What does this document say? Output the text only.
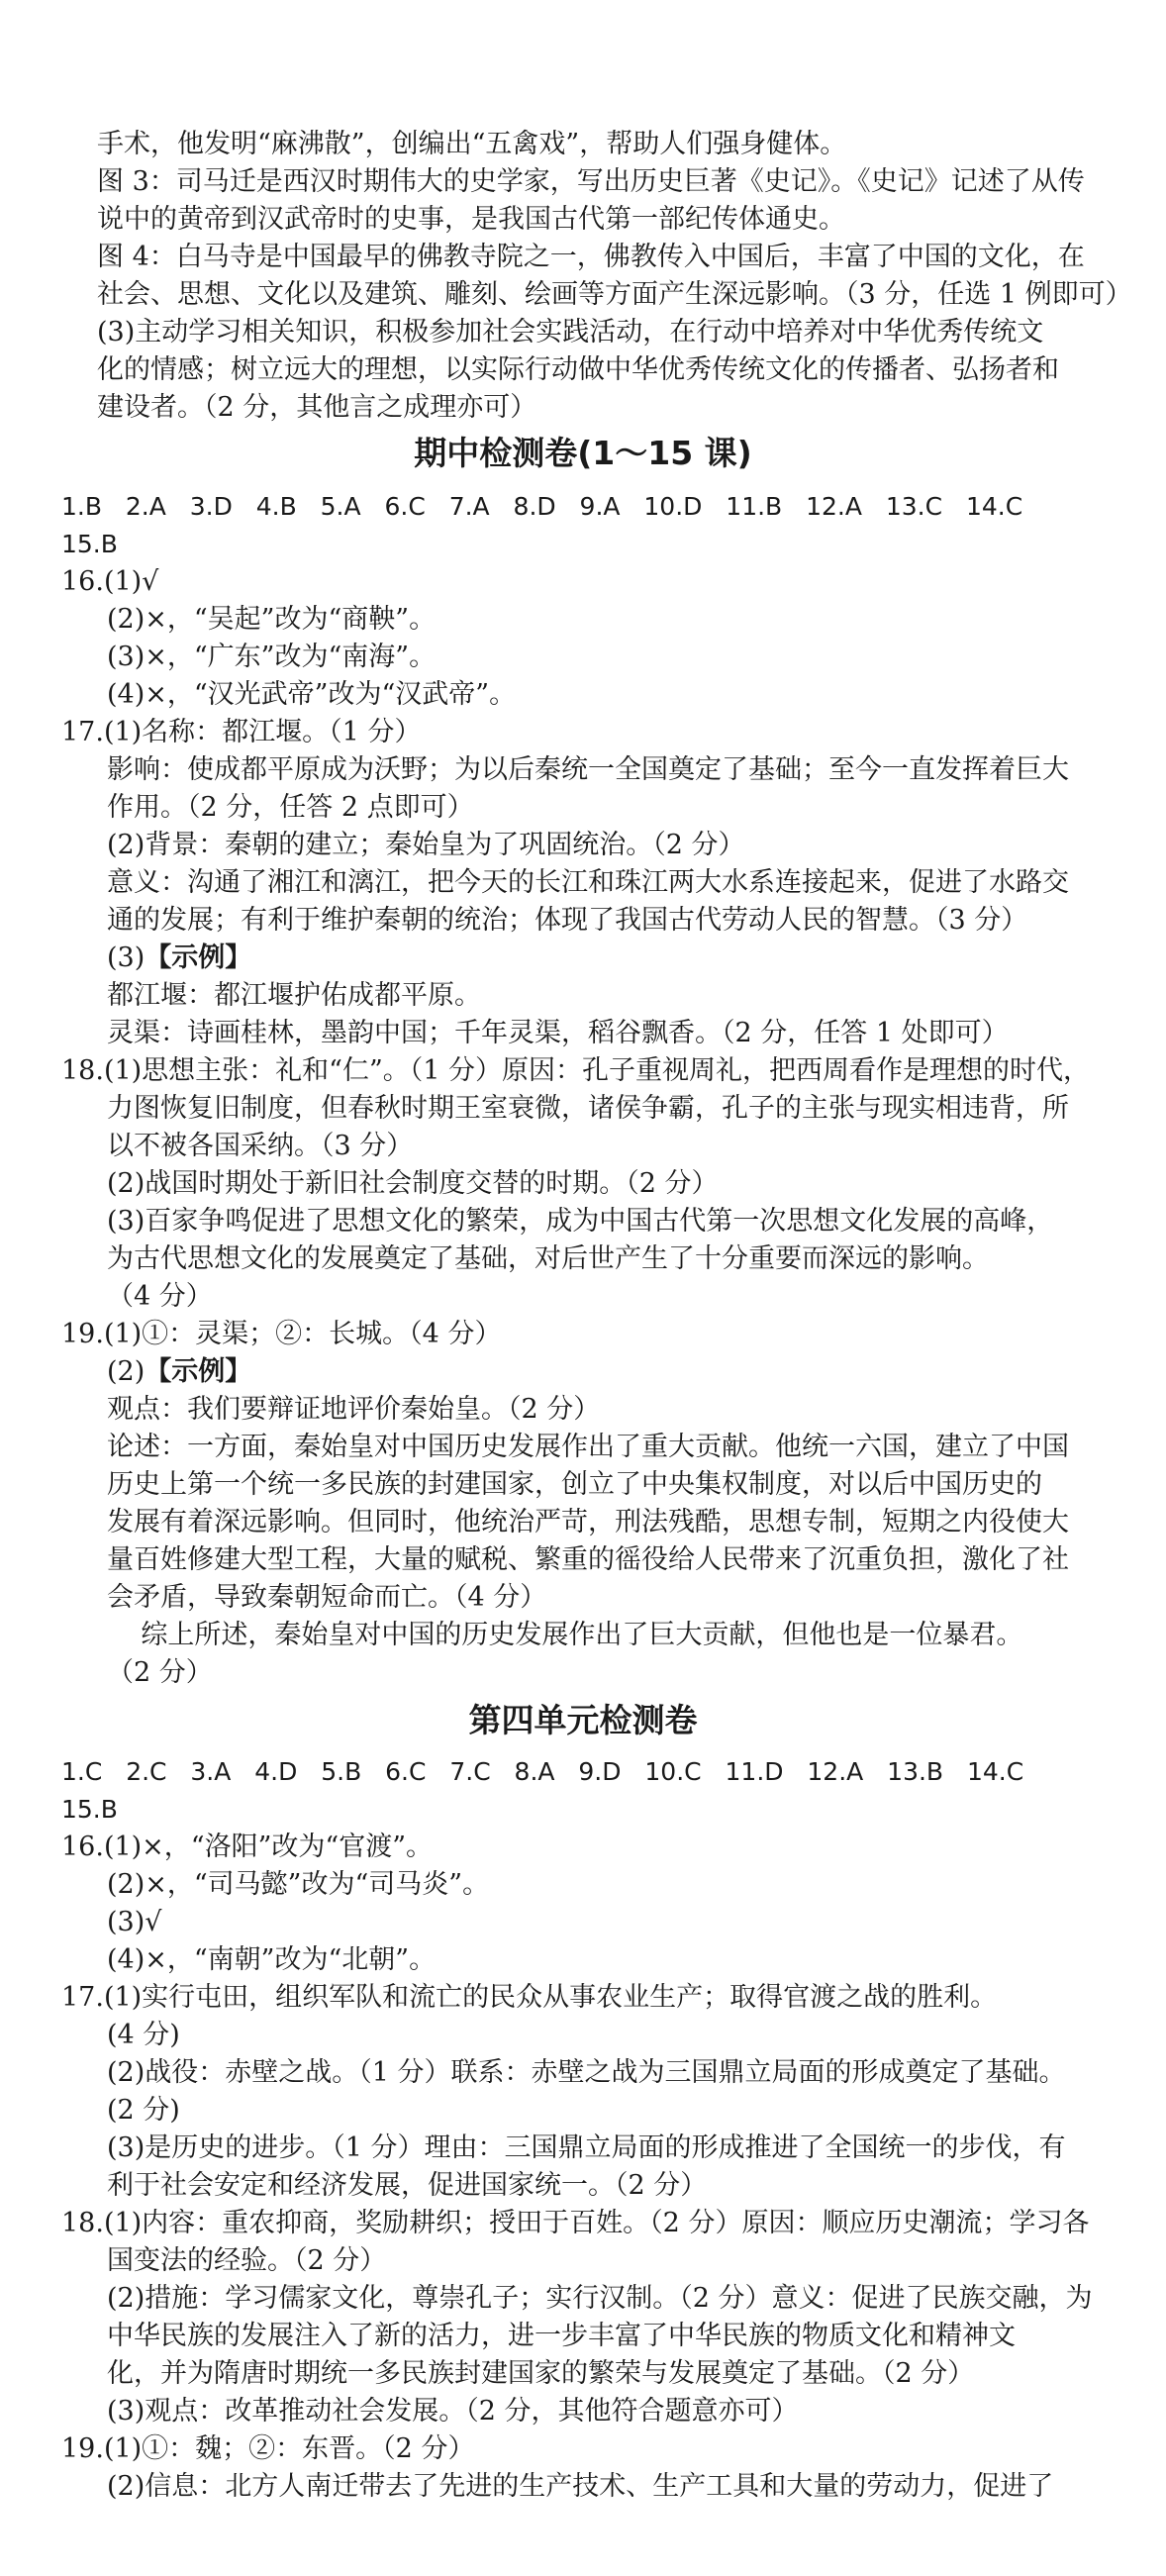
手术，他发明“麻沸散”，创编出“五禽戏”，帮助人们强身健体。
图 3：司马迁是西汉时期伟大的史学家，写出历史巨著《史记》。《史记》记述了从传
说中的黄帝到汉武帝时的史事，是我国古代第一部纪传体通史。
图 4：白马寺是中国最早的佛教寺院之一，佛教传入中国后，丰富了中国的文化，在
社会、思想、文化以及建筑、雕刻、绘画等方面产生深远影响。（3 分，任选 1 例即可）
(3)主动学习相关知识，积极参加社会实践活动，在行动中培养对中华优秀传统文
化的情感；树立远大的理想，以实际行动做中华优秀传统文化的传播者、弘扬者和
建设者。（2 分，其他言之成理亦可）
期中检测卷(1～15 课)
1.B  2.A  3.D  4.B  5.A  6.C  7.A  8.D  9.A  10.D  11.B  12.A  13.C  14.C
15.B
16.(1)√
(2)×，“吴起”改为“商鞅”。
(3)×，“广东”改为“南海”。
(4)×，“汉光武帝”改为“汉武帝”。
17.(1)名称：都江堰。（1 分）
影响：使成都平原成为沃野；为以后秦统一全国奠定了基础；至今一直发挥着巨大
作用。（2 分，任答 2 点即可）
(2)背景：秦朝的建立；秦始皇为了巩固统治。（2 分）
意义：沟通了湘江和漓江，把今天的长江和珠江两大水系连接起来，促进了水路交
通的发展；有利于维护秦朝的统治；体现了我国古代劳动人民的智慧。（3 分）
(3)【示例】
都江堰：都江堰护佑成都平原。
灵渠：诗画桂林，墨韵中国；千年灵渠，稻谷飘香。（2 分，任答 1 处即可）
18.(1)思想主张：礼和“仁”。（1 分）原因：孔子重视周礼，把西周看作是理想的时代，
力图恢复旧制度，但春秋时期王室衰微，诸侯争霸，孔子的主张与现实相违背，所
以不被各国采纳。（3 分）
(2)战国时期处于新旧社会制度交替的时期。（2 分）
(3)百家争鸣促进了思想文化的繁荣，成为中国古代第一次思想文化发展的高峰，
为古代思想文化的发展奠定了基础，对后世产生了十分重要而深远的影响。
（4 分）
19.(1)①：灵渠；②：长城。（4 分）
(2)【示例】
观点：我们要辩证地评价秦始皇。（2 分）
论述：一方面，秦始皇对中国历史发展作出了重大贡献。他统一六国，建立了中国
历史上第一个统一多民族的封建国家，创立了中央集权制度，对以后中国历史的
发展有着深远影响。但同时，他统治严苛，刑法残酷，思想专制，短期之内役使大
量百姓修建大型工程，大量的赋税、繁重的徭役给人民带来了沉重负担，激化了社
会矛盾，导致秦朝短命而亡。（4 分）
综上所述，秦始皇对中国的历史发展作出了巨大贡献，但他也是一位暴君。
（2 分）
第四单元检测卷
1.C  2.C  3.A  4.D  5.B  6.C  7.C  8.A  9.D  10.C  11.D  12.A  13.B  14.C
15.B
16.(1)×，“洛阳”改为“官渡”。
(2)×，“司马懿”改为“司马炎”。
(3)√
(4)×，“南朝”改为“北朝”。
17.(1)实行屯田，组织军队和流亡的民众从事农业生产；取得官渡之战的胜利。
(4 分)
(2)战役：赤壁之战。（1 分）联系：赤壁之战为三国鼎立局面的形成奠定了基础。
(2 分)
(3)是历史的进步。（1 分）理由：三国鼎立局面的形成推进了全国统一的步伐，有
利于社会安定和经济发展，促进国家统一。（2 分）
18.(1)内容：重农抑商，奖励耕织；授田于百姓。（2 分）原因：顺应历史潮流；学习各
国变法的经验。（2 分）
(2)措施：学习儒家文化，尊崇孔子；实行汉制。（2 分）意义：促进了民族交融，为
中华民族的发展注入了新的活力，进一步丰富了中华民族的物质文化和精神文
化，并为隋唐时期统一多民族封建国家的繁荣与发展奠定了基础。（2 分）
(3)观点：改革推动社会发展。（2 分，其他符合题意亦可）
19.(1)①：魏；②：东晋。（2 分）
(2)信息：北方人南迁带去了先进的生产技术、生产工具和大量的劳动力，促进了
